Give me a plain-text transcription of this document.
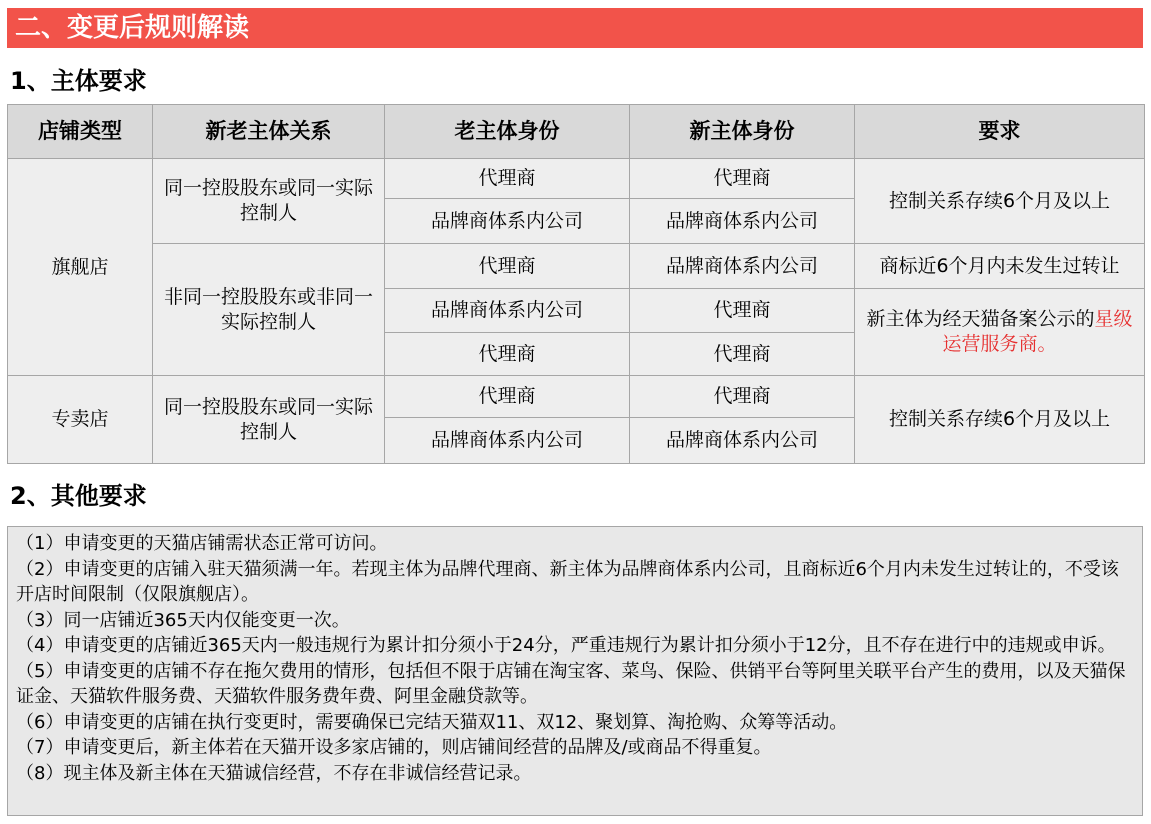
二、变更后规则解读
1、主体要求
店铺类型	新老主体关系	老主体身份	新主体身份	要求
旗舰店	同一控股股东或同一实际控制人	代理商	代理商	控制关系存续6个月及以上
		品牌商体系内公司	品牌商体系内公司	
	非同一控股股东或非同一实际控制人	代理商	品牌商体系内公司	商标近6个月内未发生过转让
		品牌商体系内公司	代理商	新主体为经天猫备案公示的星级运营服务商。
		代理商	代理商	
专卖店	同一控股股东或同一实际控制人	代理商	代理商	控制关系存续6个月及以上
		品牌商体系内公司	品牌商体系内公司	
2、其他要求

（1）申请变更的天猫店铺需状态正常可访问。

（2）申请变更的店铺入驻天猫须满一年。若现主体为品牌代理商、新主体为品牌商体系内公司，且商标近6个月内未发生过转让的，不受该开店时间限制（仅限旗舰店）。

（3）同一店铺近365天内仅能变更一次。

（4）申请变更的店铺近365天内一般违规行为累计扣分须小于24分，严重违规行为累计扣分须小于12分，且不存在进行中的违规或申诉。

（5）申请变更的店铺不存在拖欠费用的情形，包括但不限于店铺在淘宝客、菜鸟、保险、供销平台等阿里关联平台产生的费用，以及天猫保证金、天猫软件服务费、天猫软件服务费年费、阿里金融贷款等。

（6）申请变更的店铺在执行变更时，需要确保已完结天猫双11、双12、聚划算、淘抢购、众筹等活动。

（7）申请变更后，新主体若在天猫开设多家店铺的，则店铺间经营的品牌及/或商品不得重复。

（8）现主体及新主体在天猫诚信经营，不存在非诚信经营记录。
